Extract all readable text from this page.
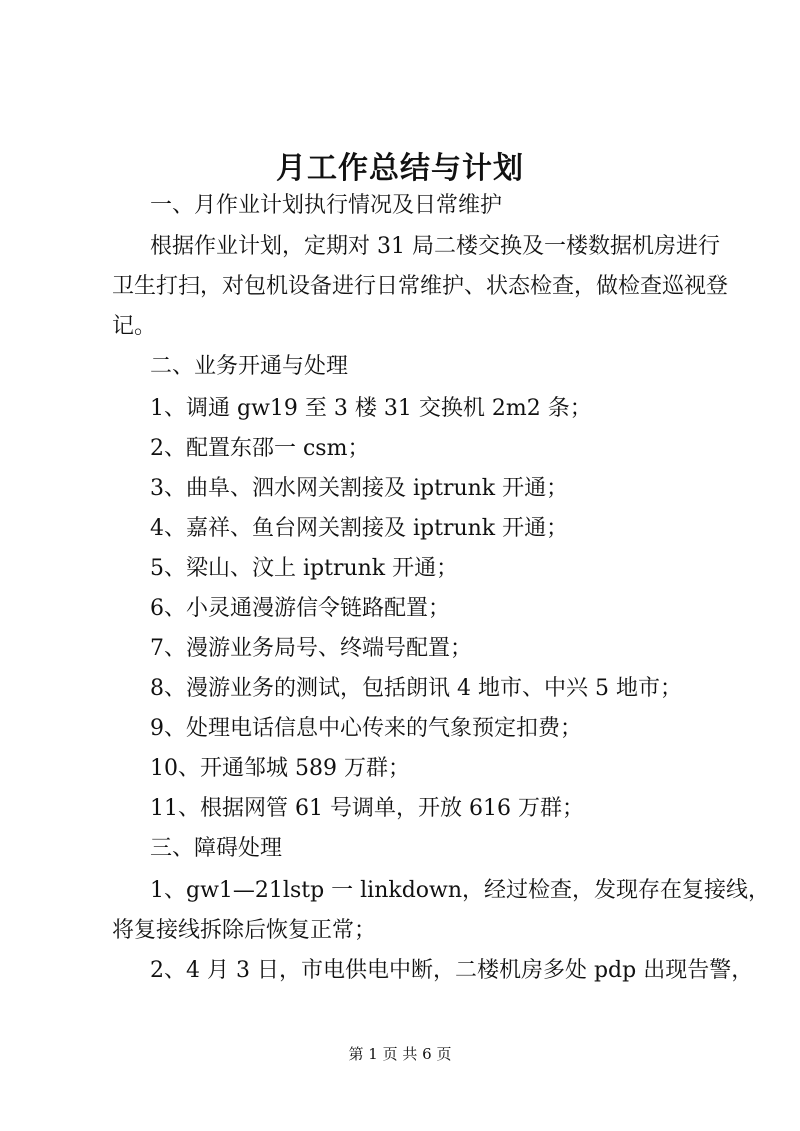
月工作总结与计划
一、月作业计划执行情况及日常维护
根据作业计划，定期对 31 局二楼交换及一楼数据机房进行
卫生打扫，对包机设备进行日常维护、状态检查，做检查巡视登
记。
二、业务开通与处理
1、调通 gw19 至 3 楼 31 交换机 2m2 条；
2、配置东邵一 csm；
3、曲阜、泗水网关割接及 iptrunk 开通；
4、嘉祥、鱼台网关割接及 iptrunk 开通；
5、梁山、汶上 iptrunk 开通；
6、小灵通漫游信令链路配置；
7、漫游业务局号、终端号配置；
8、漫游业务的测试，包括朗讯 4 地市、中兴 5 地市；
9、处理电话信息中心传来的气象预定扣费；
10、开通邹城 589 万群；
11、根据网管 61 号调单，开放 616 万群；
三、障碍处理
1、gw1—21lstp 一 linkdown，经过检查，发现存在复接线，
将复接线拆除后恢复正常；
2、4 月 3 日，市电供电中断，二楼机房多处 pdp 出现告警，
第 1 页 共 6 页
